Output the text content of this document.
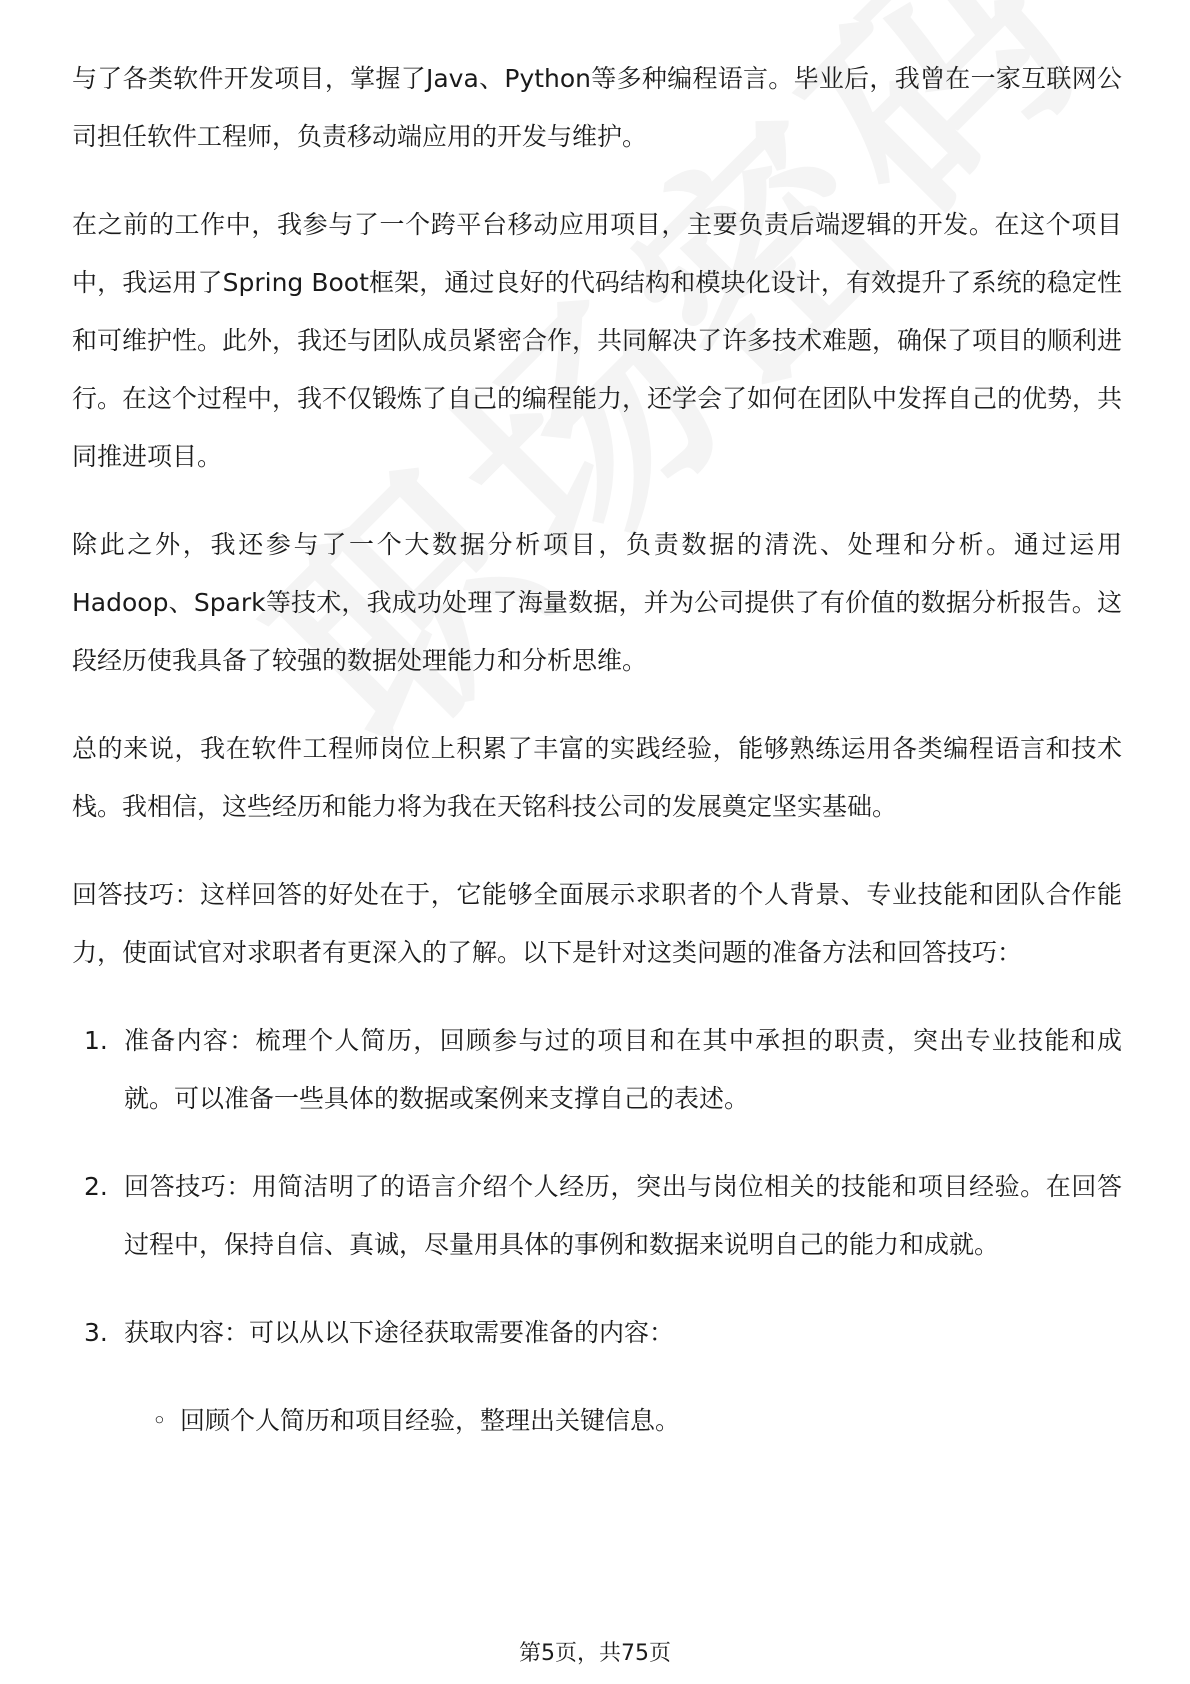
与了各类软件开发项目，掌握了Java、Python等多种编程语言。毕业后，我曾在一家互联网公司担任软件工程师，负责移动端应用的开发与维护。

在之前的工作中，我参与了一个跨平台移动应用项目，主要负责后端逻辑的开发。在这个项目中，我运用了Spring Boot框架，通过良好的代码结构和模块化设计，有效提升了系统的稳定性和可维护性。此外，我还与团队成员紧密合作，共同解决了许多技术难题，确保了项目的顺利进行。在这个过程中，我不仅锻炼了自己的编程能力，还学会了如何在团队中发挥自己的优势，共同推进项目。

除此之外，我还参与了一个大数据分析项目，负责数据的清洗、处理和分析。通过运用Hadoop、Spark等技术，我成功处理了海量数据，并为公司提供了有价值的数据分析报告。这段经历使我具备了较强的数据处理能力和分析思维。

总的来说，我在软件工程师岗位上积累了丰富的实践经验，能够熟练运用各类编程语言和技术栈。我相信，这些经历和能力将为我在天铭科技公司的发展奠定坚实基础。

回答技巧：这样回答的好处在于，它能够全面展示求职者的个人背景、专业技能和团队合作能力，使面试官对求职者有更深入的了解。以下是针对这类问题的准备方法和回答技巧：

1. 准备内容：梳理个人简历，回顾参与过的项目和在其中承担的职责，突出专业技能和成就。可以准备一些具体的数据或案例来支撑自己的表述。
2. 回答技巧：用简洁明了的语言介绍个人经历，突出与岗位相关的技能和项目经验。在回答过程中，保持自信、真诚，尽量用具体的事例和数据来说明自己的能力和成就。
3. 获取内容：可以从以下途径获取需要准备的内容：
◦ 回顾个人简历和项目经验，整理出关键信息。
第5页，共75页
